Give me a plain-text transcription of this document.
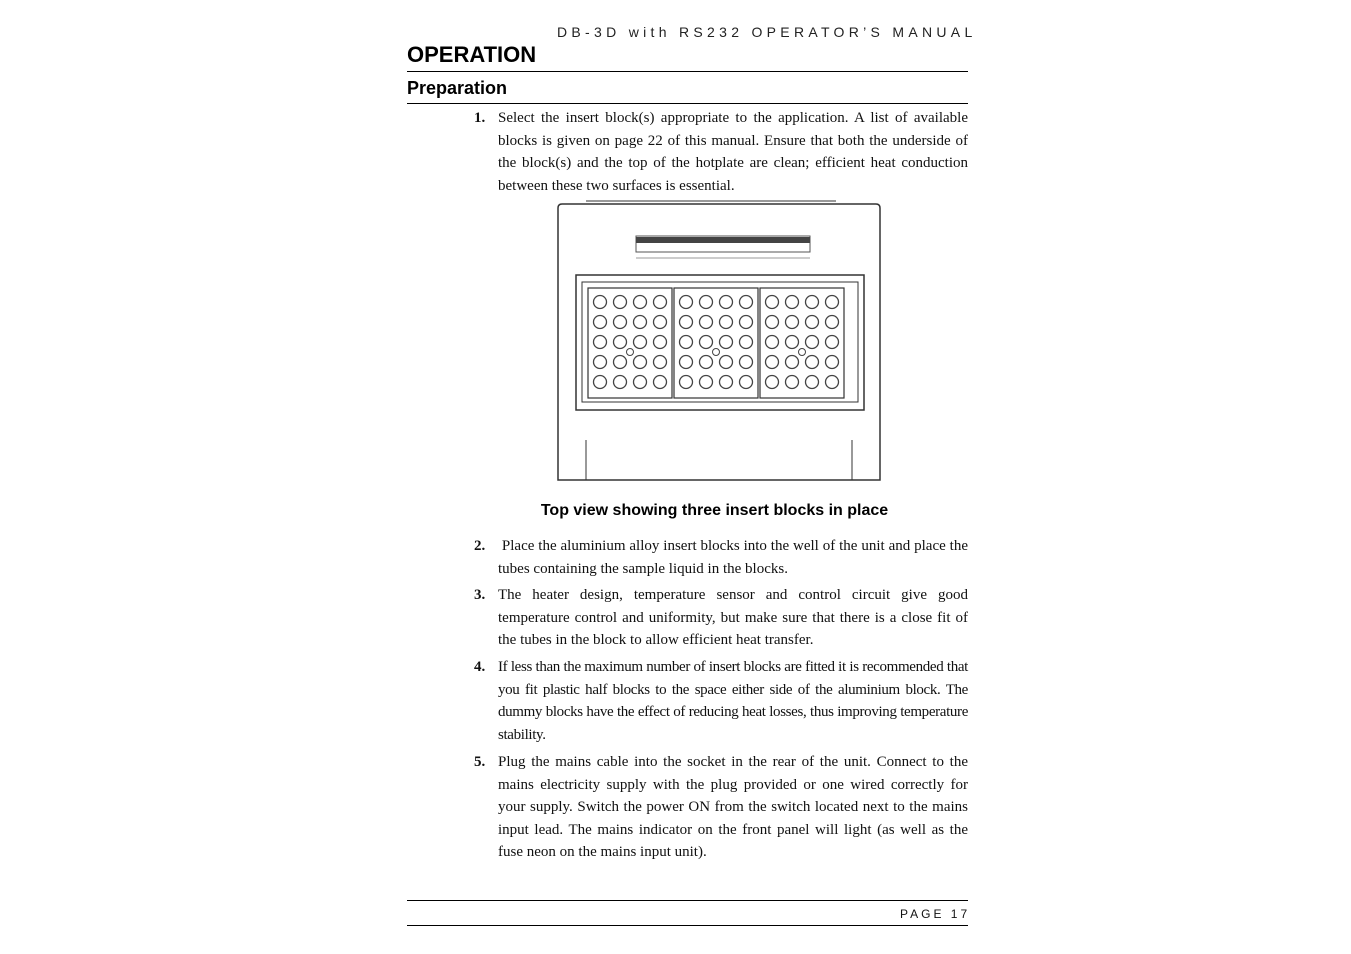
DB-3D with RS232 OPERATOR’S MANUAL
OPERATION
Preparation
1. Select the insert block(s) appropriate to the application. A list of available blocks is given on page 22 of this manual. Ensure that both the underside of the block(s) and the top of the hotplate are clean; efficient heat conduction between these two surfaces is essential.
Top view showing three insert blocks in place
2. Place the aluminium alloy insert blocks into the well of the unit and place the tubes containing the sample liquid in the blocks.
3. The heater design, temperature sensor and control circuit give good temperature control and uniformity, but make sure that there is a close fit of the tubes in the block to allow efficient heat transfer.
4. If less than the maximum number of insert blocks are fitted it is recommended that you fit plastic half blocks to the space either side of the aluminium block. The dummy blocks have the effect of reducing heat losses, thus improving temperature stability.
5. Plug the mains cable into the socket in the rear of the unit. Connect to the mains electricity supply with the plug provided or one wired correctly for your supply. Switch the power ON from the switch located next to the mains input lead. The mains indicator on the front panel will light (as well as the fuse neon on the mains input unit).
PAGE 17
